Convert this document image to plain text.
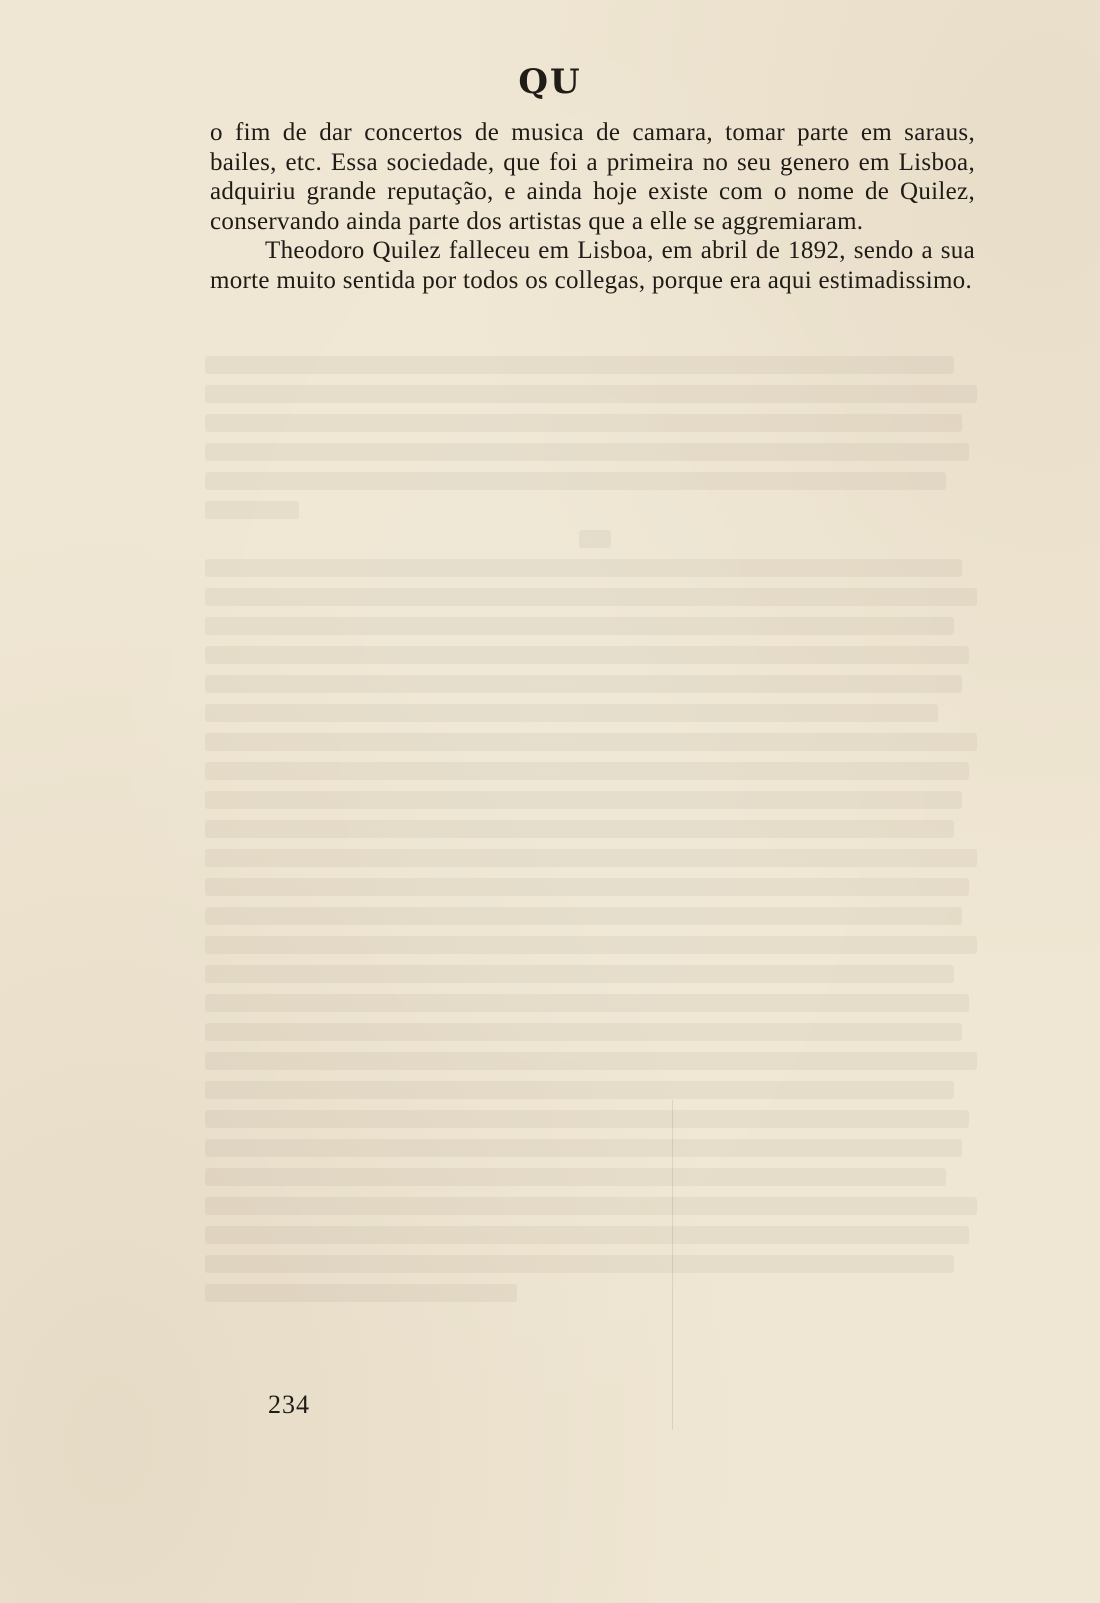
QU

o fim de dar concertos de musica de camara, tomar parte em saraus, bailes, etc. Essa sociedade, que foi a primeira no seu genero em Lisboa, adquiriu grande reputação, e ainda hoje existe com o nome de Quilez, conservando ainda parte dos artistas que a elle se aggremiaram.

Theodoro Quilez falleceu em Lisboa, em abril de 1892, sendo a sua morte muito sentida por todos os collegas, porque era aqui estimadissimo.

234
